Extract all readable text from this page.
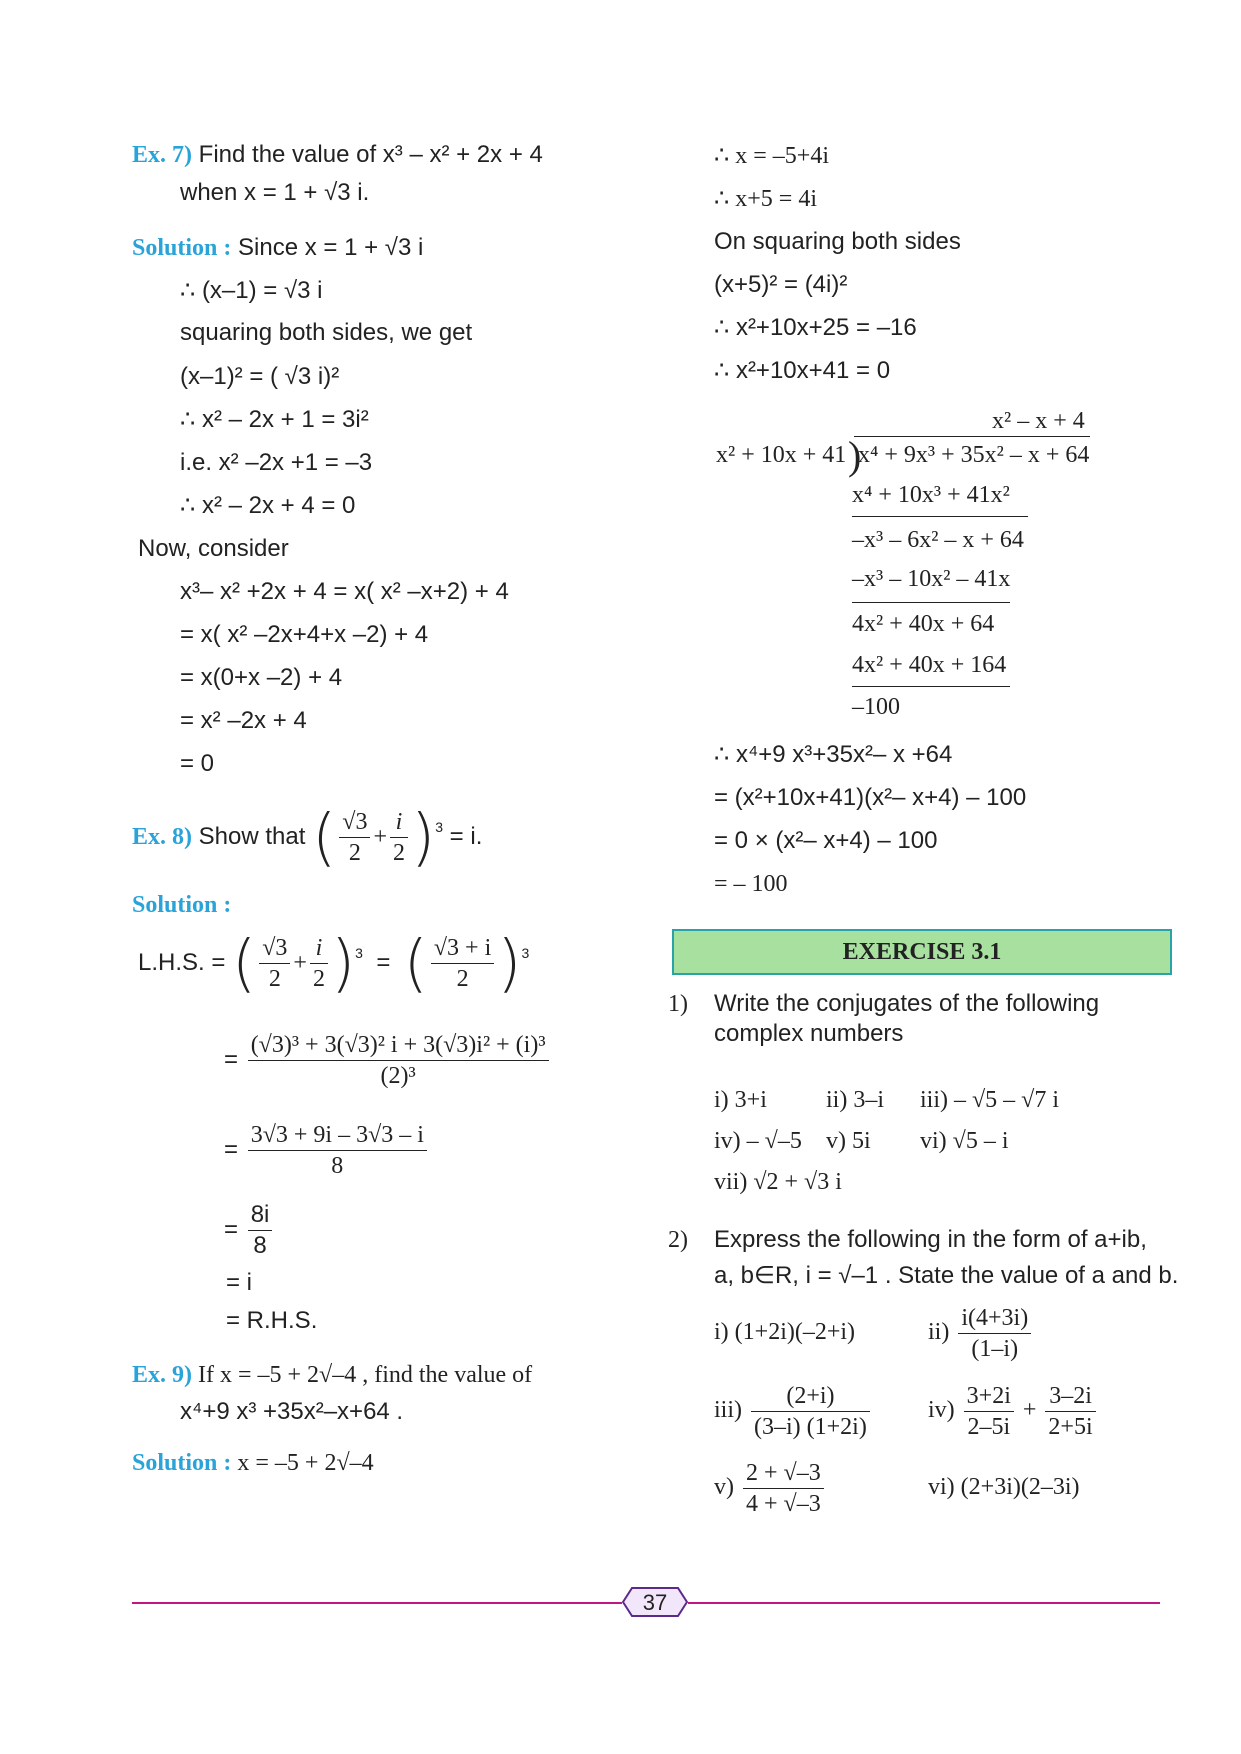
Ex. 7) Find the value of x³ – x² + 2x + 4
when x = 1 + √3 i.
Solution : Since x = 1 + √3 i
∴ (x–1) = √3 i
squaring both sides, we get
(x–1)² = ( √3 i)²
∴ x² – 2x + 1 = 3i²
i.e. x² –2x +1 = –3
∴ x² – 2x + 4 = 0
Now, consider
x³– x² +2x + 4 = x( x² –x+2) + 4
= x( x² –2x+4+x –2) + 4
= x(0+x –2) + 4
= x² –2x + 4
= 0
Ex. 8) Show that ( $\frac{√3}{2} + \frac{i}{2} )^3 = i$.
Solution :
L.H.S. = ( $\frac{√3}{2} + \frac{i}{2} )^3$ = ( $\frac{√3 + i}{2} )^3$
= $\frac{\text{(√3)³ + 3(√3)² i + 3(√3)i² + (i)³}}{\text{(2)³}}$
= $\frac{3√3 + 9i - 3√3 - i}{8}$
= $\frac{8i}{8}$
= i
= R.H.S.
Ex. 9) If x = –5 + 2√–4 , find the value of
x⁴+9 x³ +35x²–x+64 .
Solution : x = –5 + 2√–4
∴ x = –5+4i
∴ x+5 = 4i
On squaring both sides
(x+5)² = (4i)²
∴ x²+10x+25 = –16
∴ x²+10x+41 = 0
x² – x + 4
x² + 10x + 41 )
x⁴ + 9x³ + 35x² – x + 64
x⁴ + 10x³ + 41x²
–x³ – 6x² – x + 64
–x³ – 10x² – 41x
4x² + 40x + 64
4x² + 40x + 164
–100
∴ x⁴+9 x³+35x²– x +64
= (x²+10x+41)(x²– x+4) – 100
= 0 × (x²– x+4) – 100
= – 100
EXERCISE 3.1
1) Write the conjugates of the following
complex numbers
i) 3+i ii) 3–i iii) – √5 – √7 i
iv) – √–5 v) 5i vi) √5 – i
vii) √2 + √3 i
2) Express the following in the form of a+ib,
a, b∈R, i = √–1 . State the value of a and b.
i) (1+2i)(–2+i)	$ii) \frac{i(4+3i)}{(1-i)}$
$iii) \frac{(2+i)}{(3-i) (1+2i)} iv) \frac{3+2i}{2-5i} + \frac{3-2i}{2+5i}$
$v) \frac{2 + √-3}{4 + √-3}$	vi) (2+3i)(2–3i)
37
